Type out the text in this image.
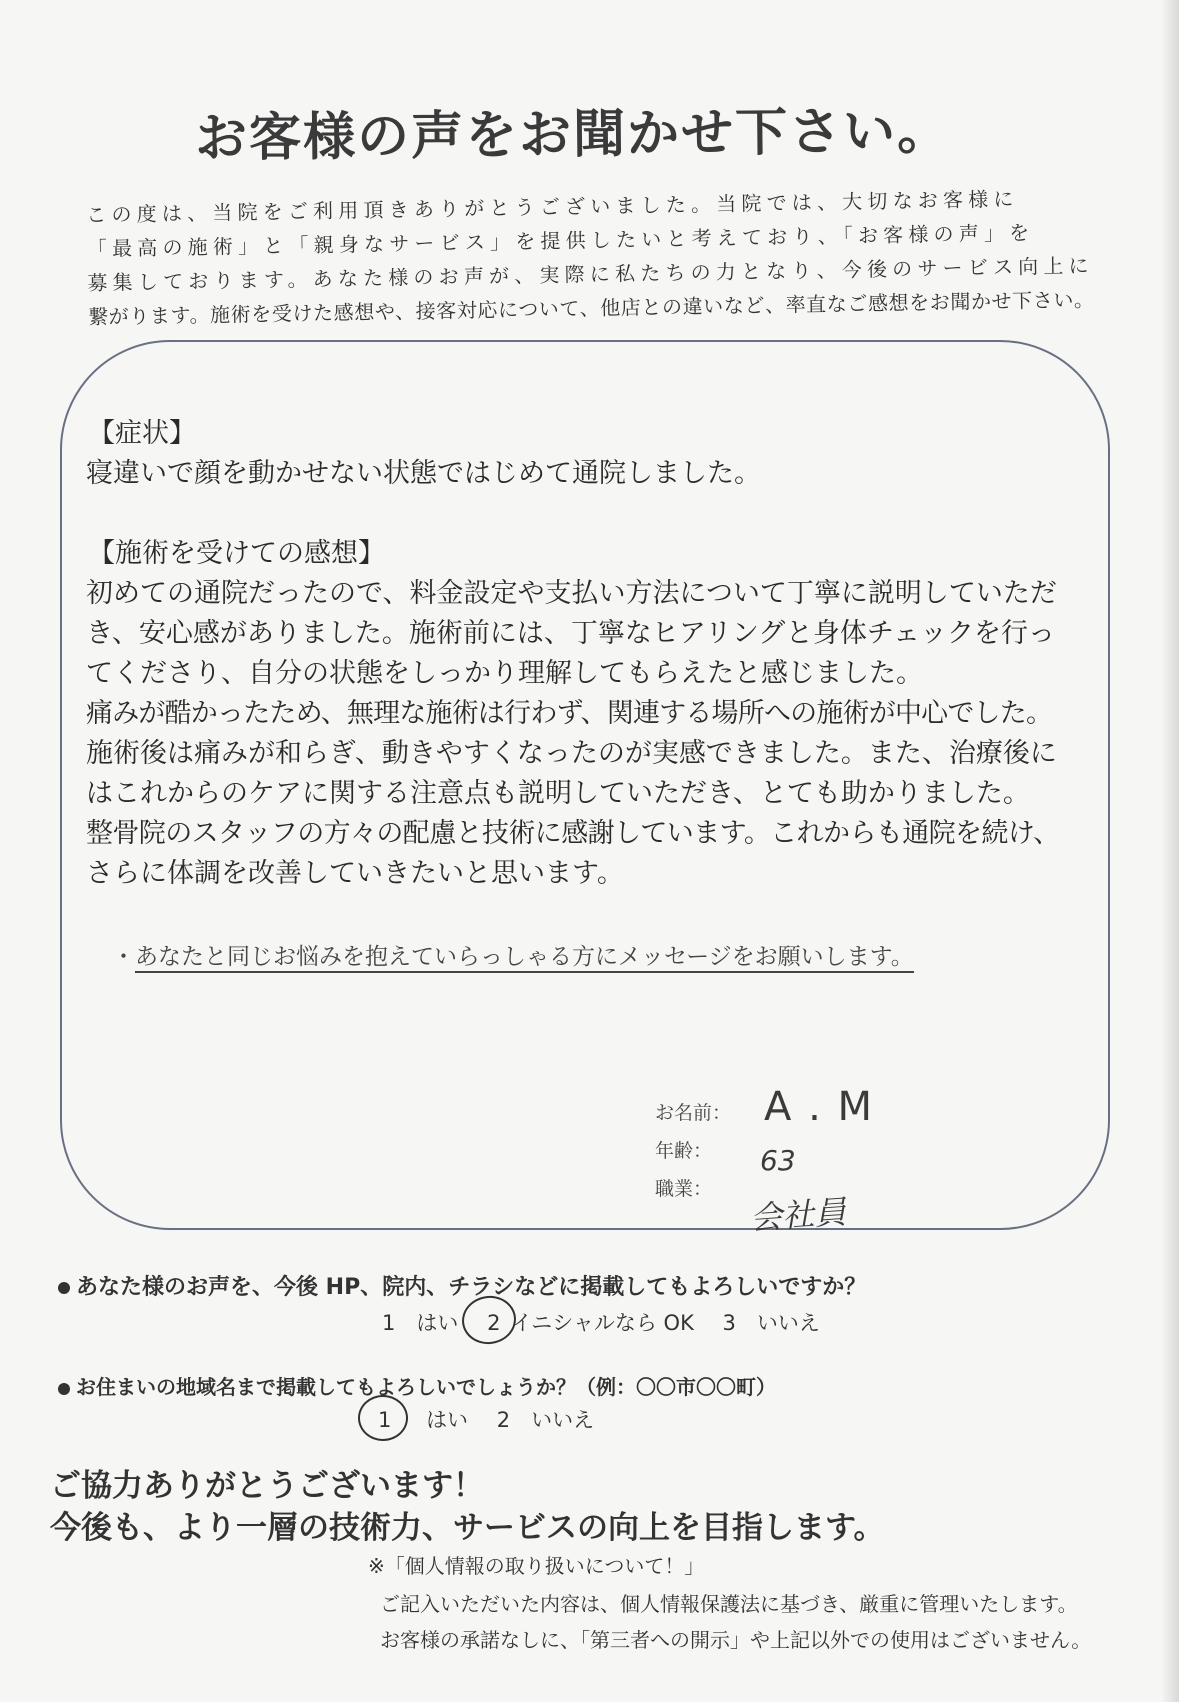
お客様の声をお聞かせ下さい。

この度は、当院をご利用頂きありがとうございました。当院では、大切なお客様に

「最高の施術」と「親身なサービス」を提供したいと考えており、「お客様の声」を

募集しております。あなた様のお声が、実際に私たちの力となり、今後のサービス向上に

繋がります。施術を受けた感想や、接客対応について、他店との違いなど、率直なご感想をお聞かせ下さい。

【症状】

寝違いで顔を動かせない状態ではじめて通院しました。

【施術を受けての感想】

初めての通院だったので、料金設定や支払い方法について丁寧に説明していただ

き、安心感がありました。施術前には、丁寧なヒアリングと身体チェックを行っ

てくださり、自分の状態をしっかり理解してもらえたと感じました。

痛みが酷かったため、無理な施術は行わず、関連する場所への施術が中心でした。

施術後は痛みが和らぎ、動きやすくなったのが実感できました。また、治療後に

はこれからのケアに関する注意点も説明していただき、とても助かりました。

整骨院のスタッフの方々の配慮と技術に感謝しています。これからも通院を続け、

さらに体調を改善していきたいと思います。

・あなたと同じお悩みを抱えていらっしゃる方にメッセージをお願いします。
お名前： A . M
年齢： 63
職業：
会社員
あなた様のお声を、今後 HP、院内、チラシなどに掲載してもよろしいですか？
1　はい 2 イニシャルなら OK 3　いいえ
お住まいの地域名まで掲載してもよろしいでしょうか？（例：〇〇市〇〇町）
1 はい 2　いいえ
ご協力ありがとうございます！
今後も、より一層の技術力、サービスの向上を目指します。
※「個人情報の取り扱いについて！」
ご記入いただいた内容は、個人情報保護法に基づき、厳重に管理いたします。
お客様の承諾なしに、「第三者への開示」や上記以外での使用はございません。
